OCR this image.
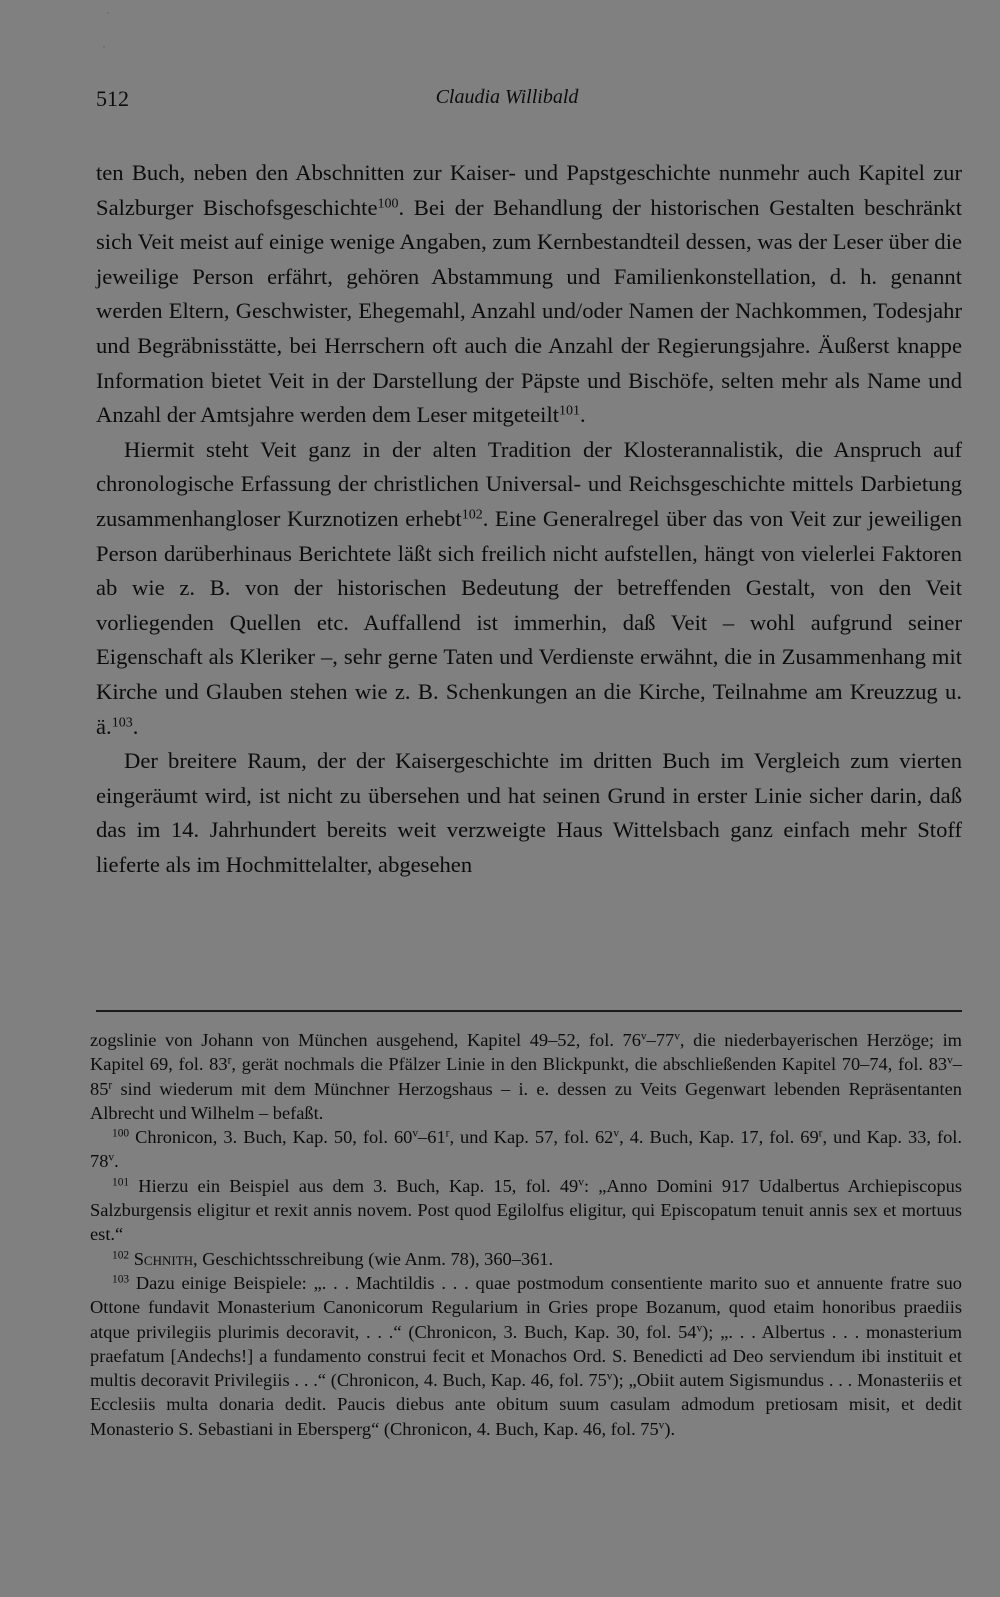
512	Claudia Willibald

ten Buch, neben den Abschnitten zur Kaiser- und Papstgeschichte nunmehr auch Kapitel zur Salzburger Bischofsgeschichte$^{100}$. Bei der Behandlung der historischen Gestalten beschränkt sich Veit meist auf einige wenige Angaben, zum Kernbestandteil dessen, was der Leser über die jeweilige Person erfährt, gehören Abstammung und Familienkonstellation, d. h. genannt werden Eltern, Geschwister, Ehegemahl, Anzahl und/oder Namen der Nachkommen, Todesjahr und Begräbnisstätte, bei Herrschern oft auch die Anzahl der Regierungsjahre. Äußerst knappe Information bietet Veit in der Darstellung der Päpste und Bischöfe, selten mehr als Name und Anzahl der Amtsjahre werden dem Leser mitgeteilt$^{101}$.

Hiermit steht Veit ganz in der alten Tradition der Klosterannalistik, die Anspruch auf chronologische Erfassung der christlichen Universal- und Reichsgeschichte mittels Darbietung zusammenhangloser Kurznotizen erhebt$^{102}$. Eine Generalregel über das von Veit zur jeweiligen Person darüberhinaus Berichtete läßt sich freilich nicht aufstellen, hängt von vielerlei Faktoren ab wie z. B. von der historischen Bedeutung der betreffenden Gestalt, von den Veit vorliegenden Quellen etc. Auffallend ist immerhin, daß Veit – wohl aufgrund seiner Eigenschaft als Kleriker –, sehr gerne Taten und Verdienste erwähnt, die in Zusammenhang mit Kirche und Glauben stehen wie z. B. Schenkungen an die Kirche, Teilnahme am Kreuzzug u. ä.$^{103}$.

Der breitere Raum, der der Kaisergeschichte im dritten Buch im Vergleich zum vierten eingeräumt wird, ist nicht zu übersehen und hat seinen Grund in erster Linie sicher darin, daß das im 14. Jahrhundert bereits weit verzweigte Haus Wittelsbach ganz einfach mehr Stoff lieferte als im Hochmittelalter, abgesehen

zogslinie von Johann von München ausgehend, Kapitel 49–52, fol. 76$^v$–77$^v$, die niederbayerischen Herzöge; im Kapitel 69, fol. 83$^r$, gerät nochmals die Pfälzer Linie in den Blickpunkt, die abschließenden Kapitel 70–74, fol. 83$^v$–85$^r$ sind wiederum mit dem Münchner Herzogshaus – i. e. dessen zu Veits Gegenwart lebenden Repräsentanten Albrecht und Wilhelm – befaßt.

$^{100}$ Chronicon, 3. Buch, Kap. 50, fol. 60$^v$–61$^r$, und Kap. 57, fol. 62$^v$, 4. Buch, Kap. 17, fol. 69$^r$, und Kap. 33, fol. 78$^v$.

$^{101}$ Hierzu ein Beispiel aus dem 3. Buch, Kap. 15, fol. 49$^v$: „Anno Domini 917 Udalbertus Archiepiscopus Salzburgensis eligitur et rexit annis novem. Post quod Egilolfus eligitur, qui Episcopatum tenuit annis sex et mortuus est.“

$^{102}$ Schnith, Geschichtsschreibung (wie Anm. 78), 360–361.

$^{103}$ Dazu einige Beispiele: „. . . Machtildis . . . quae postmodum consentiente marito suo et annuente fratre suo Ottone fundavit Monasterium Canonicorum Regularium in Gries prope Bozanum, quod etaim honoribus praediis atque privilegiis plurimis decoravit, . . .“ (Chronicon, 3. Buch, Kap. 30, fol. 54$^v$); „. . . Albertus . . . monasterium praefatum [Andechs!] a fundamento construi fecit et Monachos Ord. S. Benedicti ad Deo serviendum ibi instituit et multis decoravit Privilegiis . . .“ (Chronicon, 4. Buch, Kap. 46, fol. 75$^v$); „Obiit autem Sigismundus . . . Monasteriis et Ecclesiis multa donaria dedit. Paucis diebus ante obitum suum casulam admodum pretiosam misit, et dedit Monasterio S. Sebastiani in Ebersperg“ (Chronicon, 4. Buch, Kap. 46, fol. 75$^v$).
